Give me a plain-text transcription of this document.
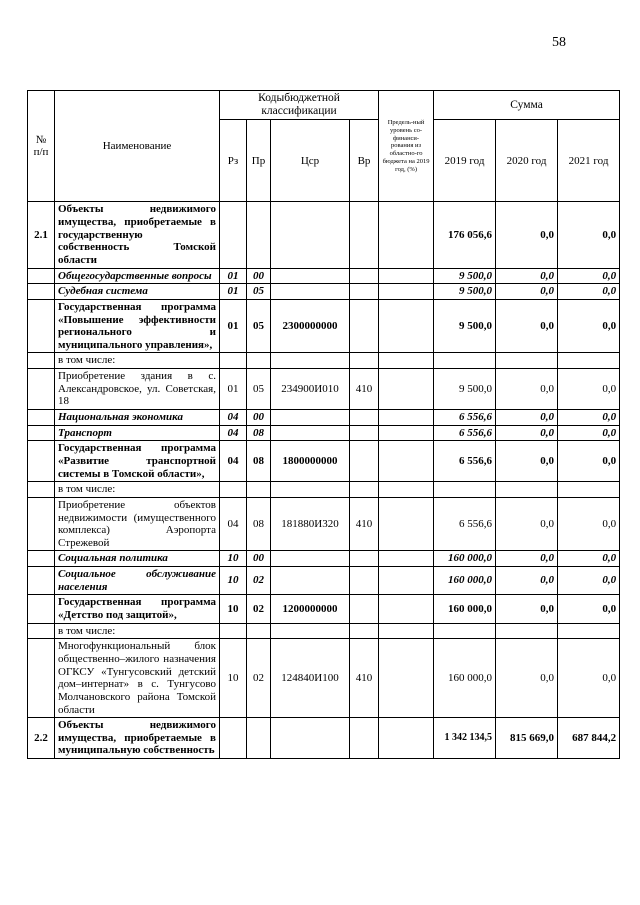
58
№ п/п	Наименование	Кодыбюджетной классификации				Предель-ный уровень со-финанси-рования из областно-го бюджета на 2019 год, (%)	Сумма		
		Рз	Пр	Цср	Вр		2019 год	2020 год	2021 год
2.1	Объекты недвижимого имущества, приобретаемые в государственную собственность Томской области						176 056,6	0,0	0,0
	Общегосударственные вопросы	01	00				9 500,0	0,0	0,0
	Судебная система	01	05				9 500,0	0,0	0,0
	Государственная программа «Повышение эффективности регионального и муниципального управления»,	01	05	2300000000			9 500,0	0,0	0,0
	в том числе:								
	Приобретение здания в с. Александровское, ул. Советская, 18	01	05	234900И010	410		9 500,0	0,0	0,0
	Национальная экономика	04	00				6 556,6	0,0	0,0
	Транспорт	04	08				6 556,6	0,0	0,0
	Государственная программа «Развитие транспортной системы в Томской области»,	04	08	1800000000			6 556,6	0,0	0,0
	в том числе:								
	Приобретение объектов недвижимости (имущественного комплекса) Аэропорта Стрежевой	04	08	181880И320	410		6 556,6	0,0	0,0
	Социальная политика	10	00				160 000,0	0,0	0,0
	Социальное обслуживание населения	10	02				160 000,0	0,0	0,0
	Государственная программа «Детство под защитой»,	10	02	1200000000			160 000,0	0,0	0,0
	в том числе:								
	Многофункциональный блок общественно–жилого назначения ОГКСУ «Тунгусовский детский дом–интернат» в с. Тунгусово Молчановского района Томской области	10	02	124840И100	410		160 000,0	0,0	0,0
2.2	Объекты недвижимого имущества, приобретаемые в муниципальную собственность						1 342 134,5	815 669,0	687 844,2
